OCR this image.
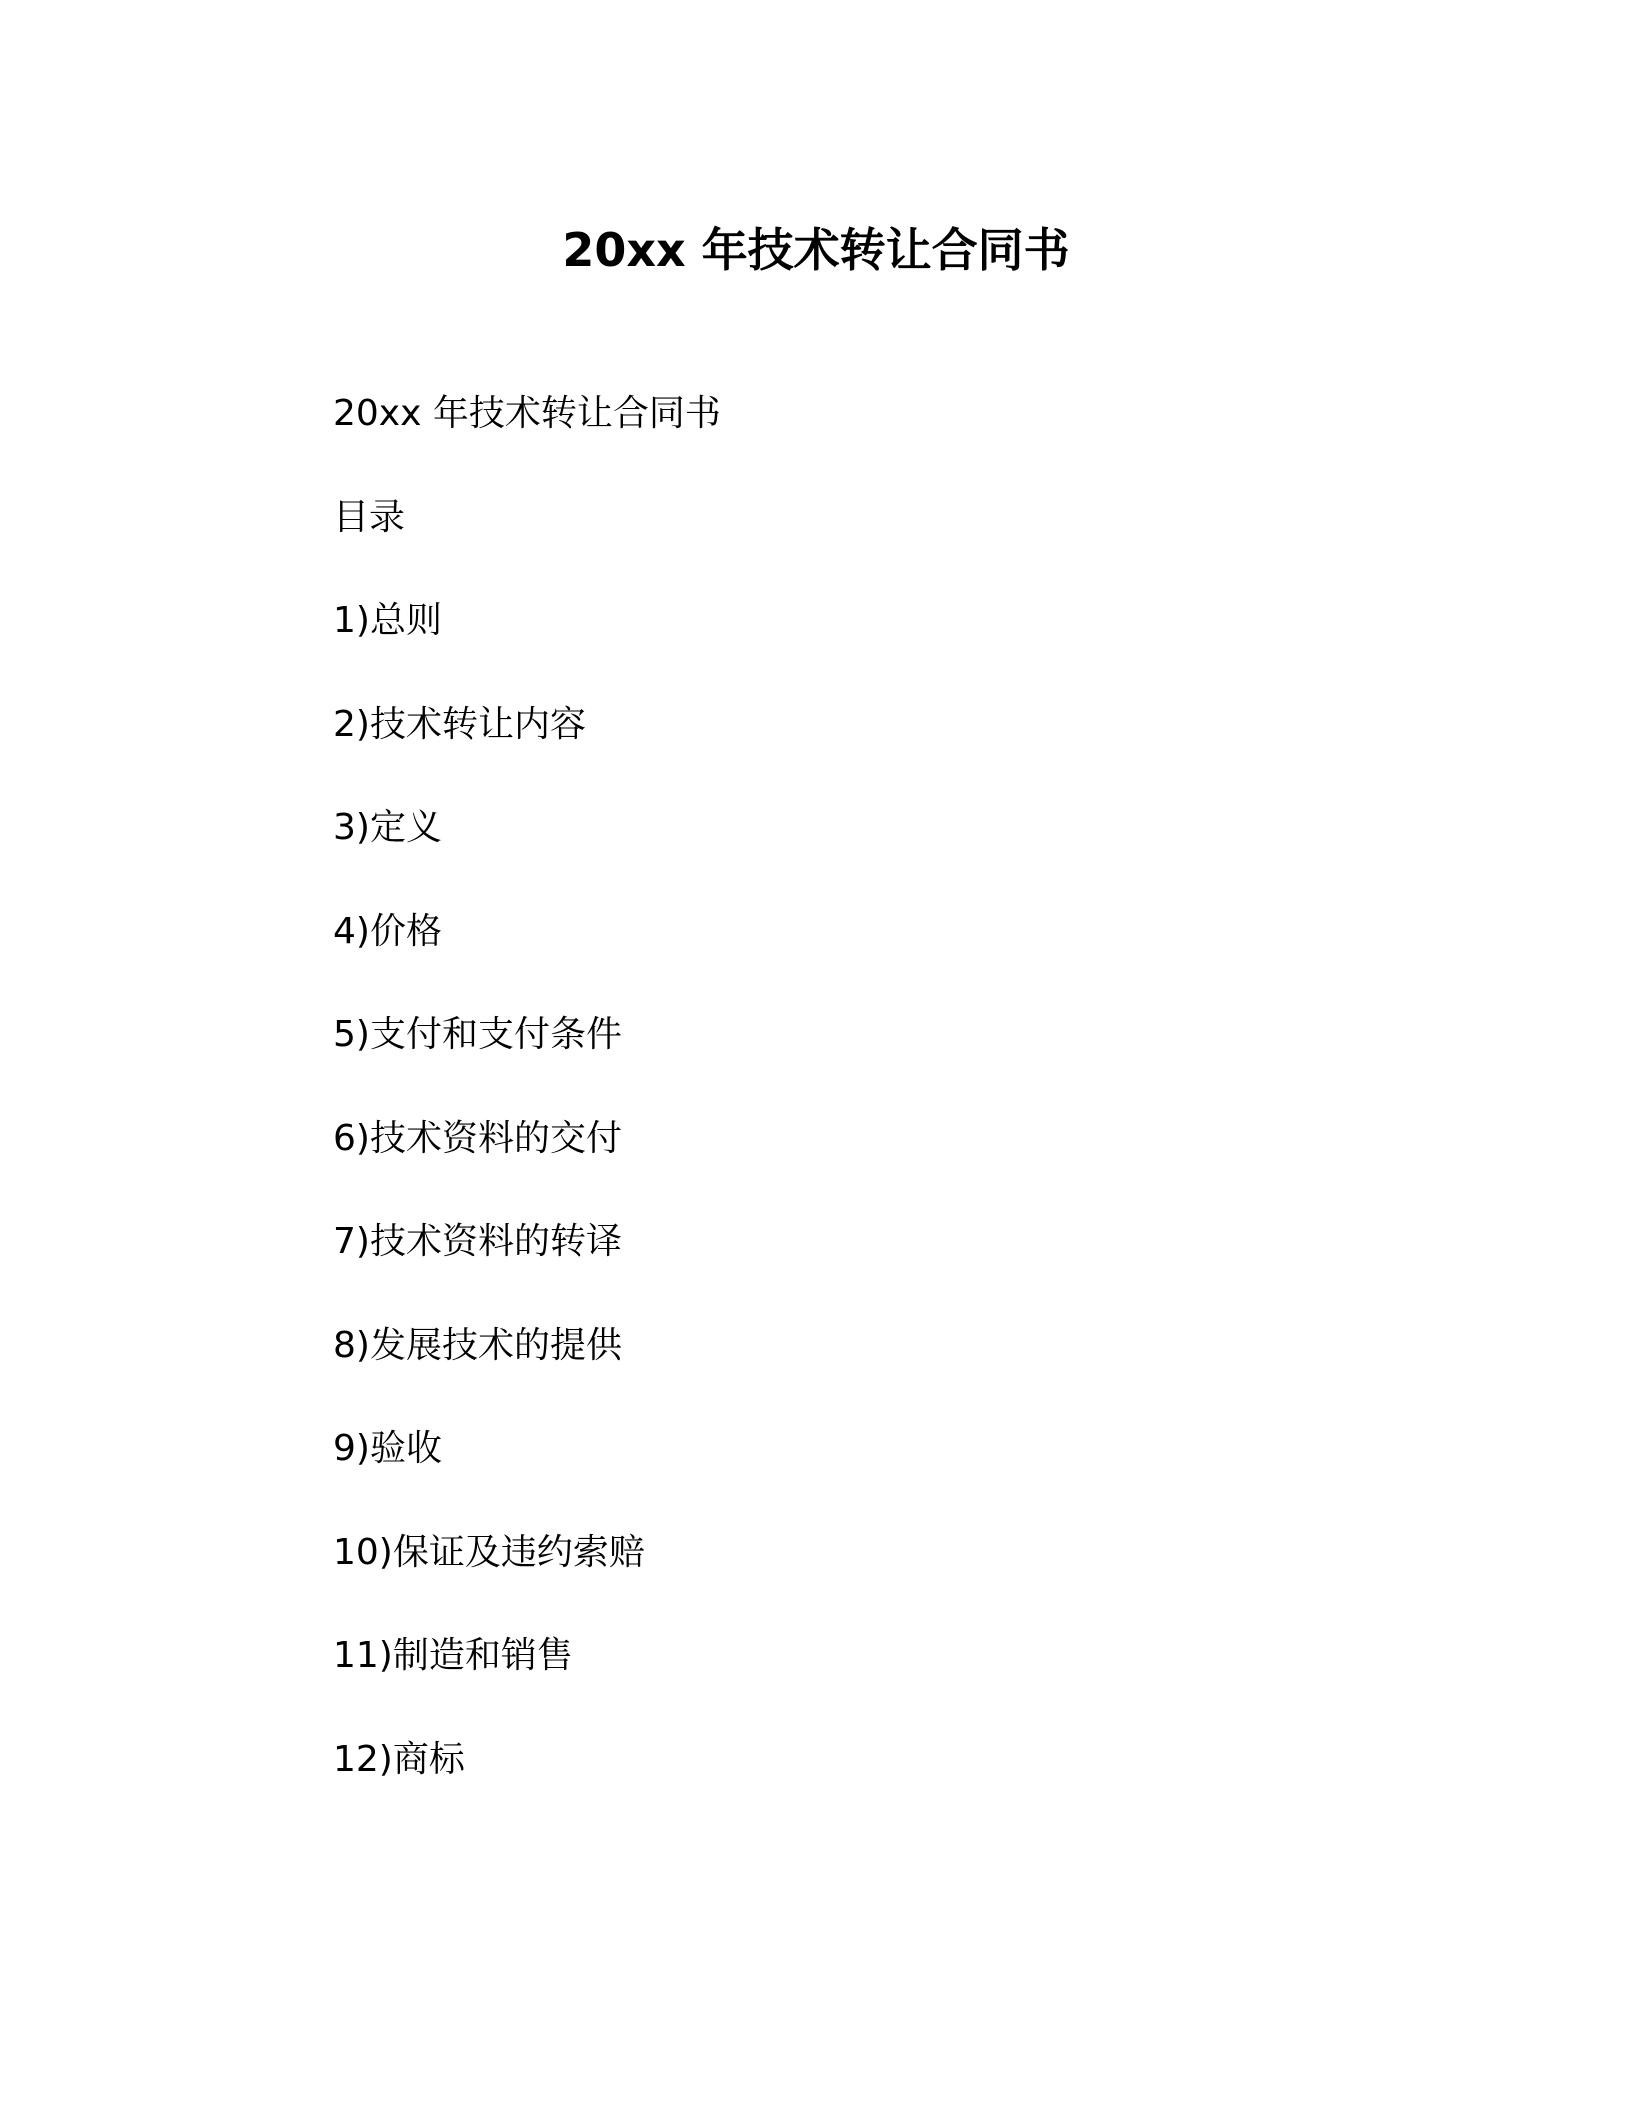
20xx 年技术转让合同书
20xx 年技术转让合同书
目录
1)总则
2)技术转让内容
3)定义
4)价格
5)支付和支付条件
6)技术资料的交付
7)技术资料的转译
8)发展技术的提供
9)验收
10)保证及违约索赔
11)制造和销售
12)商标
